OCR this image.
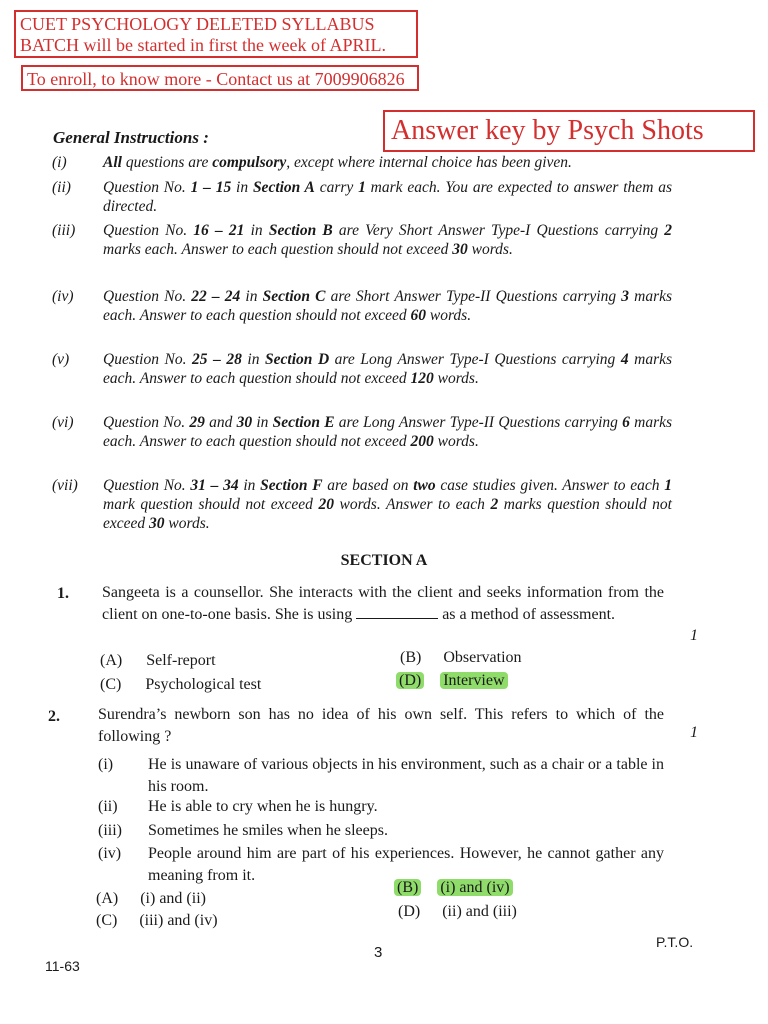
CUET PSYCHOLOGY DELETED SYLLABUS
BATCH will be started in first the week of APRIL.
To enroll, to know more - Contact us at 7009906826
Answer key by Psych Shots
General Instructions :
(i)	All questions are compulsory, except where internal choice has been given.
(ii)	Question No. 1 – 15 in Section A carry 1 mark each. You are expected to answer them as directed.
(iii)	Question No. 16 – 21 in Section B are Very Short Answer Type-I Questions carrying 2 marks each. Answer to each question should not exceed 30 words.
(iv)	Question No. 22 – 24 in Section C are Short Answer Type-II Questions carrying 3 marks each. Answer to each question should not exceed 60 words.
(v)	Question No. 25 – 28 in Section D are Long Answer Type-I Questions carrying 4 marks each. Answer to each question should not exceed 120 words.
(vi)	Question No. 29 and 30 in Section E are Long Answer Type-II Questions carrying 6 marks each. Answer to each question should not exceed 200 words.
(vii)	Question No. 31 – 34 in Section F are based on two case studies given. Answer to each 1 mark question should not exceed 20 words. Answer to each 2 marks question should not exceed 30 words.
SECTION A
1. Sangeeta is a counsellor. She interacts with the client and seeks information from the client on one-to-one basis. She is using	as a method of assessment.
1
(A) Self-report	(B) Observation
(C) Psychological test	(D) Interview
2. Surendra’s newborn son has no idea of his own self. This refers to which of the following ?	1
(i) He is unaware of various objects in his environment, such as a chair or a table in his room.
(ii) He is able to cry when he is hungry.
(iii) Sometimes he smiles when he sleeps.
(iv) People around him are part of his experiences. However, he cannot gather any meaning from it.
(A) (i) and (ii)
(B) (i) and (iv)
(C) (iii) and (iv)
(D) (ii) and (iii)
11-63
3
P.T.O.
